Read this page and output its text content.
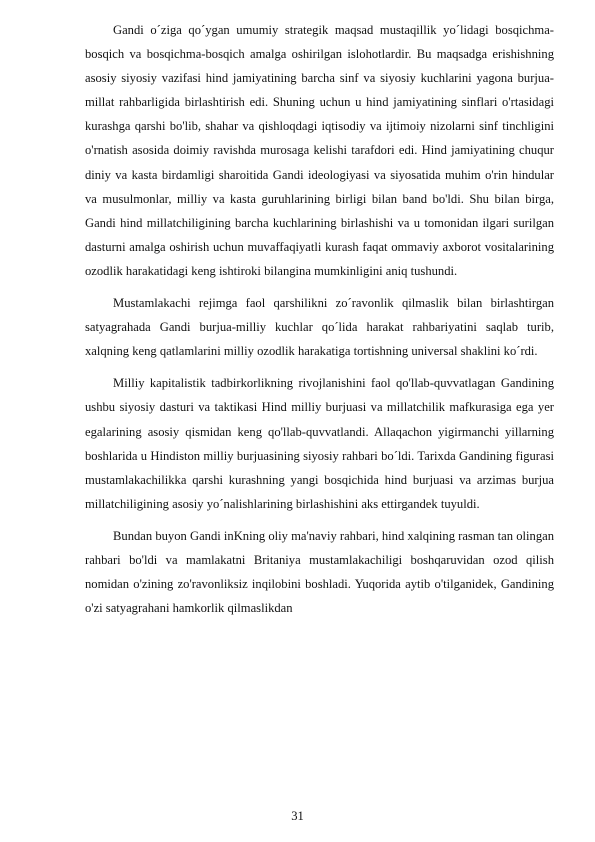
Gandi o´ziga qo´ygan umumiy strategik maqsad mustaqillik yo´lidagi bosqichma-bosqich va bosqichma-bosqich amalga oshirilgan islohotlardir. Bu maqsadga erishishning asosiy siyosiy vazifasi hind jamiyatining barcha sinf va siyosiy kuchlarini yagona burjua-millat rahbarligida birlashtirish edi. Shuning uchun u hind jamiyatining sinflari o'rtasidagi kurashga qarshi bo'lib, shahar va qishloqdagi iqtisodiy va ijtimoiy nizolarni sinf tinchligini o'rnatish asosida doimiy ravishda murosaga kelishi tarafdori edi. Hind jamiyatining chuqur diniy va kasta birdamligi sharoitida Gandi ideologiyasi va siyosatida muhim o'rin hindular va musulmonlar, milliy va kasta guruhlarining birligi bilan band bo'ldi. Shu bilan birga, Gandi hind millatchiligining barcha kuchlarining birlashishi va u tomonidan ilgari surilgan dasturni amalga oshirish uchun muvaffaqiyatli kurash faqat ommaviy axborot vositalarining ozodlik harakatidagi keng ishtiroki bilangina mumkinligini aniq tushundi.

Mustamlakachi rejimga faol qarshilikni zo´ravonlik qilmaslik bilan birlashtirgan satyagrahada Gandi burjua-milliy kuchlar qo´lida harakat rahbariyatini saqlab turib, xalqning keng qatlamlarini milliy ozodlik harakatiga tortishning universal shaklini ko´rdi.

Milliy kapitalistik tadbirkorlikning rivojlanishini faol qo'llab-quvvatlagan Gandining ushbu siyosiy dasturi va taktikasi Hind milliy burjuasi va millatchilik mafkurasiga ega yer egalarining asosiy qismidan keng qo'llab-quvvatlandi. Allaqachon yigirmanchi yillarning boshlarida u Hindiston milliy burjuasining siyosiy rahbari bo´ldi. Tarixda Gandining figurasi mustamlakachilikka qarshi kurashning yangi bosqichida hind burjuasi va arzimas burjua millatchiligining asosiy yo´nalishlarining birlashishini aks ettirgandek tuyuldi.

Bundan buyon Gandi inKning oliy ma'naviy rahbari, hind xalqining rasman tan olingan rahbari bo'ldi va mamlakatni Britaniya mustamlakachiligi boshqaruvidan ozod qilish nomidan o'zining zo'ravonliksiz inqilobini boshladi. Yuqorida aytib o'tilganidek, Gandining o'zi satyagrahani hamkorlik qilmaslikdan

31
